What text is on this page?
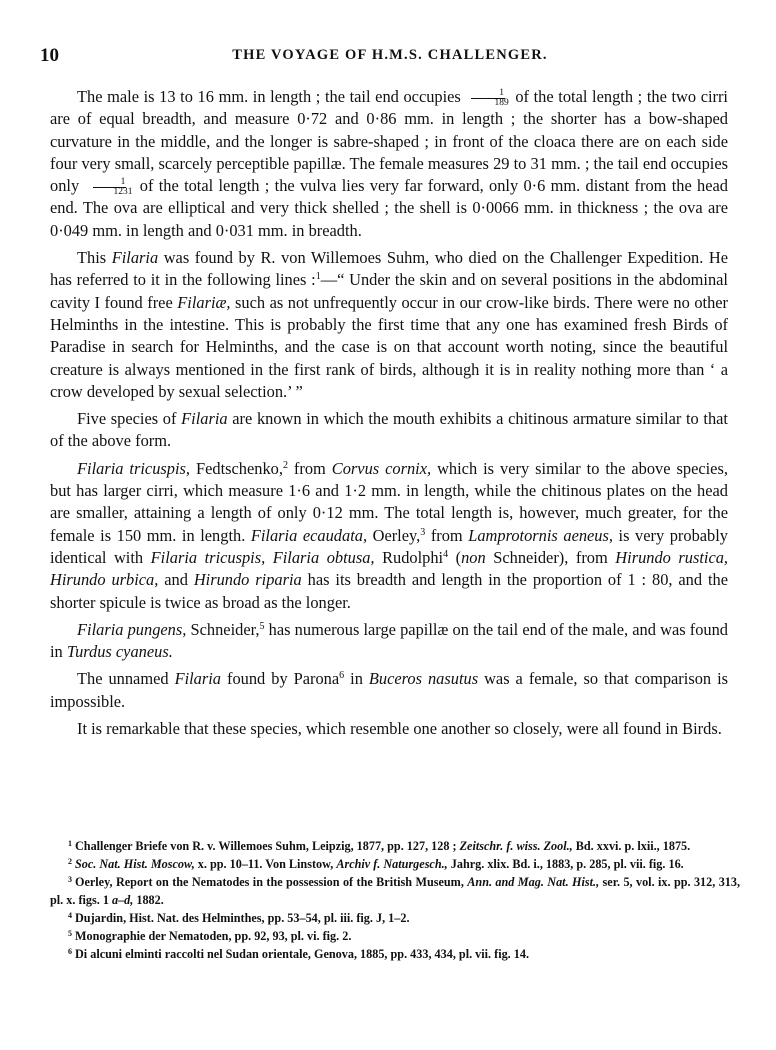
10	THE VOYAGE OF H.M.S. CHALLENGER.

The male is 13 to 16 mm. in length ; the tail end occupies $\frac{1}{189}$ of the total length ; the two cirri are of equal breadth, and measure 0·72 and 0·86 mm. in length ; the shorter has a bow-shaped curvature in the middle, and the longer is sabre-shaped ; in front of the cloaca there are on each side four very small, scarcely perceptible papillæ. The female measures 29 to 31 mm. ; the tail end occupies only $\frac{1}{1231}$ of the total length ; the vulva lies very far forward, only 0·6 mm. distant from the head end. The ova are elliptical and very thick shelled ; the shell is 0·0066 mm. in thickness ; the ova are 0·049 mm. in length and 0·031 mm. in breadth.

This Filaria was found by R. von Willemoes Suhm, who died on the Challenger Expedition. He has referred to it in the following lines :$^1$—“ Under the skin and on several positions in the abdominal cavity I found free Filariæ, such as not unfrequently occur in our crow-like birds. There were no other Helminths in the intestine. This is probably the first time that any one has examined fresh Birds of Paradise in search for Helminths, and the case is on that account worth noting, since the beautiful creature is always mentioned in the first rank of birds, although it is in reality nothing more than ‘ a crow developed by sexual selection.’ ”

Five species of Filaria are known in which the mouth exhibits a chitinous armature similar to that of the above form.

Filaria tricuspis, Fedtschenko,$^2$ from Corvus cornix, which is very similar to the above species, but has larger cirri, which measure 1·6 and 1·2 mm. in length, while the chitinous plates on the head are smaller, attaining a length of only 0·12 mm. The total length is, however, much greater, for the female is 150 mm. in length. Filaria ecaudata, Oerley,$^3$ from Lamprotornis aeneus, is very probably identical with Filaria tricuspis, Filaria obtusa, Rudolphi$^4$ (non Schneider), from Hirundo rustica, Hirundo urbica, and Hirundo riparia has its breadth and length in the proportion of 1 : 80, and the shorter spicule is twice as broad as the longer.

Filaria pungens, Schneider,$^5$ has numerous large papillæ on the tail end of the male, and was found in Turdus cyaneus.

The unnamed Filaria found by Parona$^6$ in Buceros nasutus was a female, so that comparison is impossible.

It is remarkable that these species, which resemble one another so closely, were all found in Birds.

$^1$ Challenger Briefe von R. v. Willemoes Suhm, Leipzig, 1877, pp. 127, 128 ; Zeitschr. f. wiss. Zool., Bd. xxvi. p. lxii., 1875.

$^2$ Soc. Nat. Hist. Moscow, x. pp. 10–11. Von Linstow, Archiv f. Naturgesch., Jahrg. xlix. Bd. i., 1883, p. 285, pl. vii. fig. 16.

$^3$ Oerley, Report on the Nematodes in the possession of the British Museum, Ann. and Mag. Nat. Hist., ser. 5, vol. ix. pp. 312, 313, pl. x. figs. 1 a–d, 1882.

$^4$ Dujardin, Hist. Nat. des Helminthes, pp. 53–54, pl. iii. fig. J, 1–2.

$^5$ Monographie der Nematoden, pp. 92, 93, pl. vi. fig. 2.

$^6$ Di alcuni elminti raccolti nel Sudan orientale, Genova, 1885, pp. 433, 434, pl. vii. fig. 14.
